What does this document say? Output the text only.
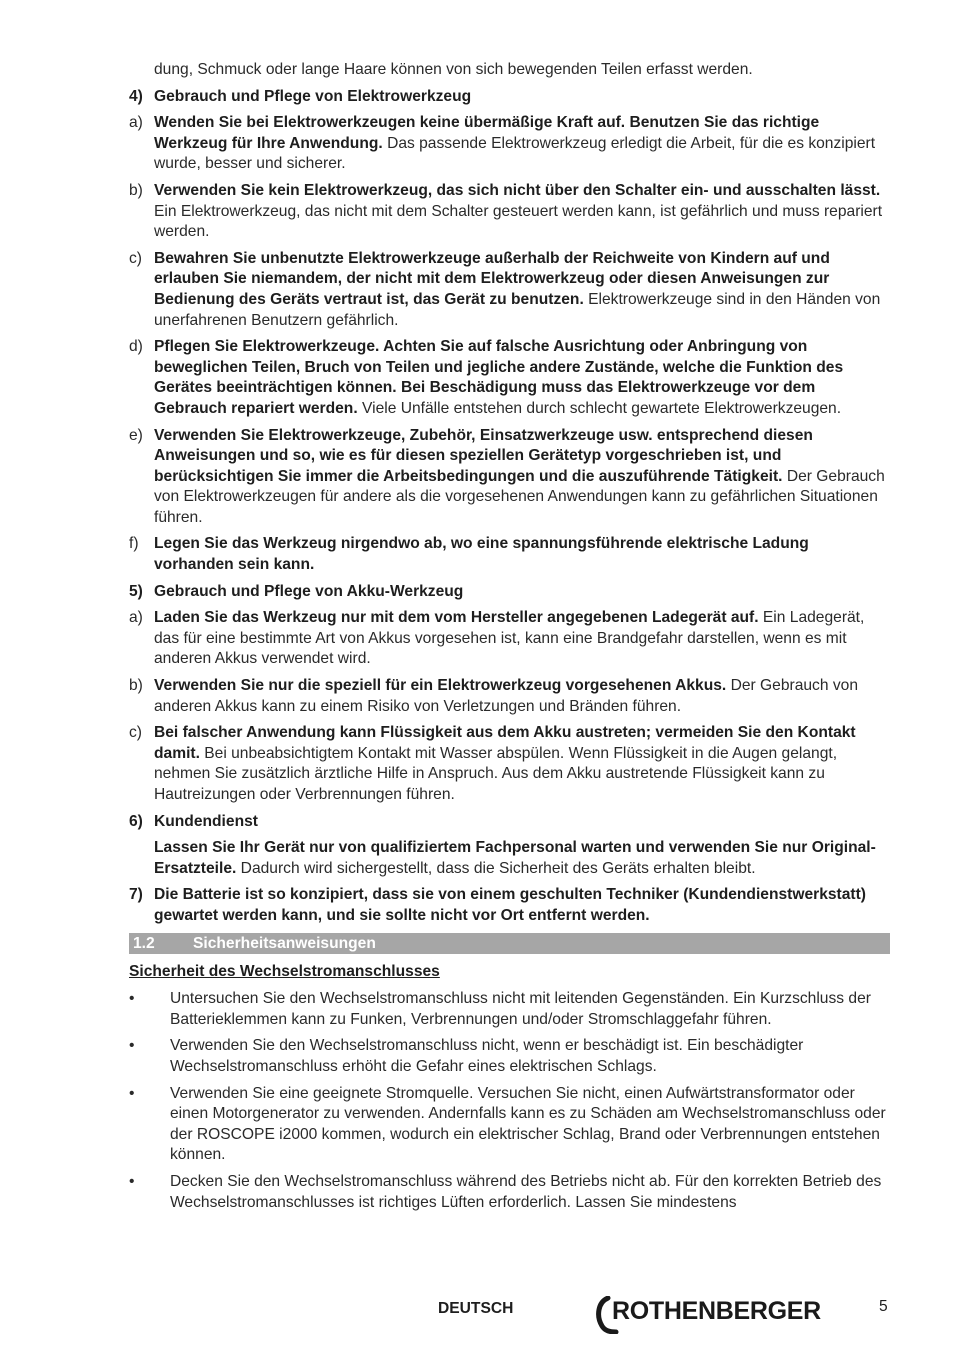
dung, Schmuck oder lange Haare können von sich bewegenden Teilen erfasst werden.
4) Gebrauch und Pflege von Elektrowerkzeug
a) Wenden Sie bei Elektrowerkzeugen keine übermäßige Kraft auf. Benutzen Sie das richtige Werkzeug für Ihre Anwendung. Das passende Elektrowerkzeug erledigt die Arbeit, für die es konzipiert wurde, besser und sicherer.
b) Verwenden Sie kein Elektrowerkzeug, das sich nicht über den Schalter ein- und ausschalten lässt. Ein Elektrowerkzeug, das nicht mit dem Schalter gesteuert werden kann, ist gefährlich und muss repariert werden.
c) Bewahren Sie unbenutzte Elektrowerkzeuge außerhalb der Reichweite von Kindern auf und erlauben Sie niemandem, der nicht mit dem Elektrowerkzeug oder diesen Anweisungen zur Bedienung des Geräts vertraut ist, das Gerät zu benutzen. Elektrowerkzeuge sind in den Händen von unerfahrenen Benutzern gefährlich.
d) Pflegen Sie Elektrowerkzeuge. Achten Sie auf falsche Ausrichtung oder Anbringung von beweglichen Teilen, Bruch von Teilen und jegliche andere Zustände, welche die Funktion des Gerätes beeinträchtigen können. Bei Beschädigung muss das Elektrowerkzeuge vor dem Gebrauch repariert werden. Viele Unfälle entstehen durch schlecht gewartete Elektrowerkzeugen.
e) Verwenden Sie Elektrowerkzeuge, Zubehör, Einsatzwerkzeuge usw. entsprechend diesen Anweisungen und so, wie es für diesen speziellen Gerätetyp vorgeschrieben ist, und berücksichtigen Sie immer die Arbeitsbedingungen und die auszuführende Tätigkeit. Der Gebrauch von Elektrowerkzeugen für andere als die vorgesehenen Anwendungen kann zu gefährlichen Situationen führen.
f) Legen Sie das Werkzeug nirgendwo ab, wo eine spannungsführende elektrische Ladung vorhanden sein kann.
5) Gebrauch und Pflege von Akku-Werkzeug
a) Laden Sie das Werkzeug nur mit dem vom Hersteller angegebenen Ladegerät auf. Ein Ladegerät, das für eine bestimmte Art von Akkus vorgesehen ist, kann eine Brandgefahr darstellen, wenn es mit anderen Akkus verwendet wird.
b) Verwenden Sie nur die speziell für ein Elektrowerkzeug vorgesehenen Akkus. Der Gebrauch von anderen Akkus kann zu einem Risiko von Verletzungen und Bränden führen.
c) Bei falscher Anwendung kann Flüssigkeit aus dem Akku austreten; vermeiden Sie den Kontakt damit. Bei unbeabsichtigtem Kontakt mit Wasser abspülen. Wenn Flüssigkeit in die Augen gelangt, nehmen Sie zusätzlich ärztliche Hilfe in Anspruch. Aus dem Akku austretende Flüssigkeit kann zu Hautreizungen oder Verbrennungen führen.
6) Kundendienst
Lassen Sie Ihr Gerät nur von qualifiziertem Fachpersonal warten und verwenden Sie nur Original-Ersatzteile. Dadurch wird sichergestellt, dass die Sicherheit des Geräts erhalten bleibt.
7) Die Batterie ist so konzipiert, dass sie von einem geschulten Techniker (Kundendienstwerkstatt) gewartet werden kann, und sie sollte nicht vor Ort entfernt werden.
1.2 Sicherheitsanweisungen
Sicherheit des Wechselstromanschlusses
• Untersuchen Sie den Wechselstromanschluss nicht mit leitenden Gegenständen. Ein Kurzschluss der Batterieklemmen kann zu Funken, Verbrennungen und/oder Stromschlaggefahr führen.
• Verwenden Sie den Wechselstromanschluss nicht, wenn er beschädigt ist. Ein beschädigter Wechselstromanschluss erhöht die Gefahr eines elektrischen Schlags.
• Verwenden Sie eine geeignete Stromquelle. Versuchen Sie nicht, einen Aufwärtstransformator oder einen Motorgenerator zu verwenden. Andernfalls kann es zu Schäden am Wechselstromanschluss oder der ROSCOPE i2000 kommen, wodurch ein elektrischer Schlag, Brand oder Verbrennungen entstehen können.
• Decken Sie den Wechselstromanschluss während des Betriebs nicht ab. Für den korrekten Betrieb des Wechselstromanschlusses ist richtiges Lüften erforderlich. Lassen Sie mindestens
DEUTSCH	ROTHENBERGER	5
